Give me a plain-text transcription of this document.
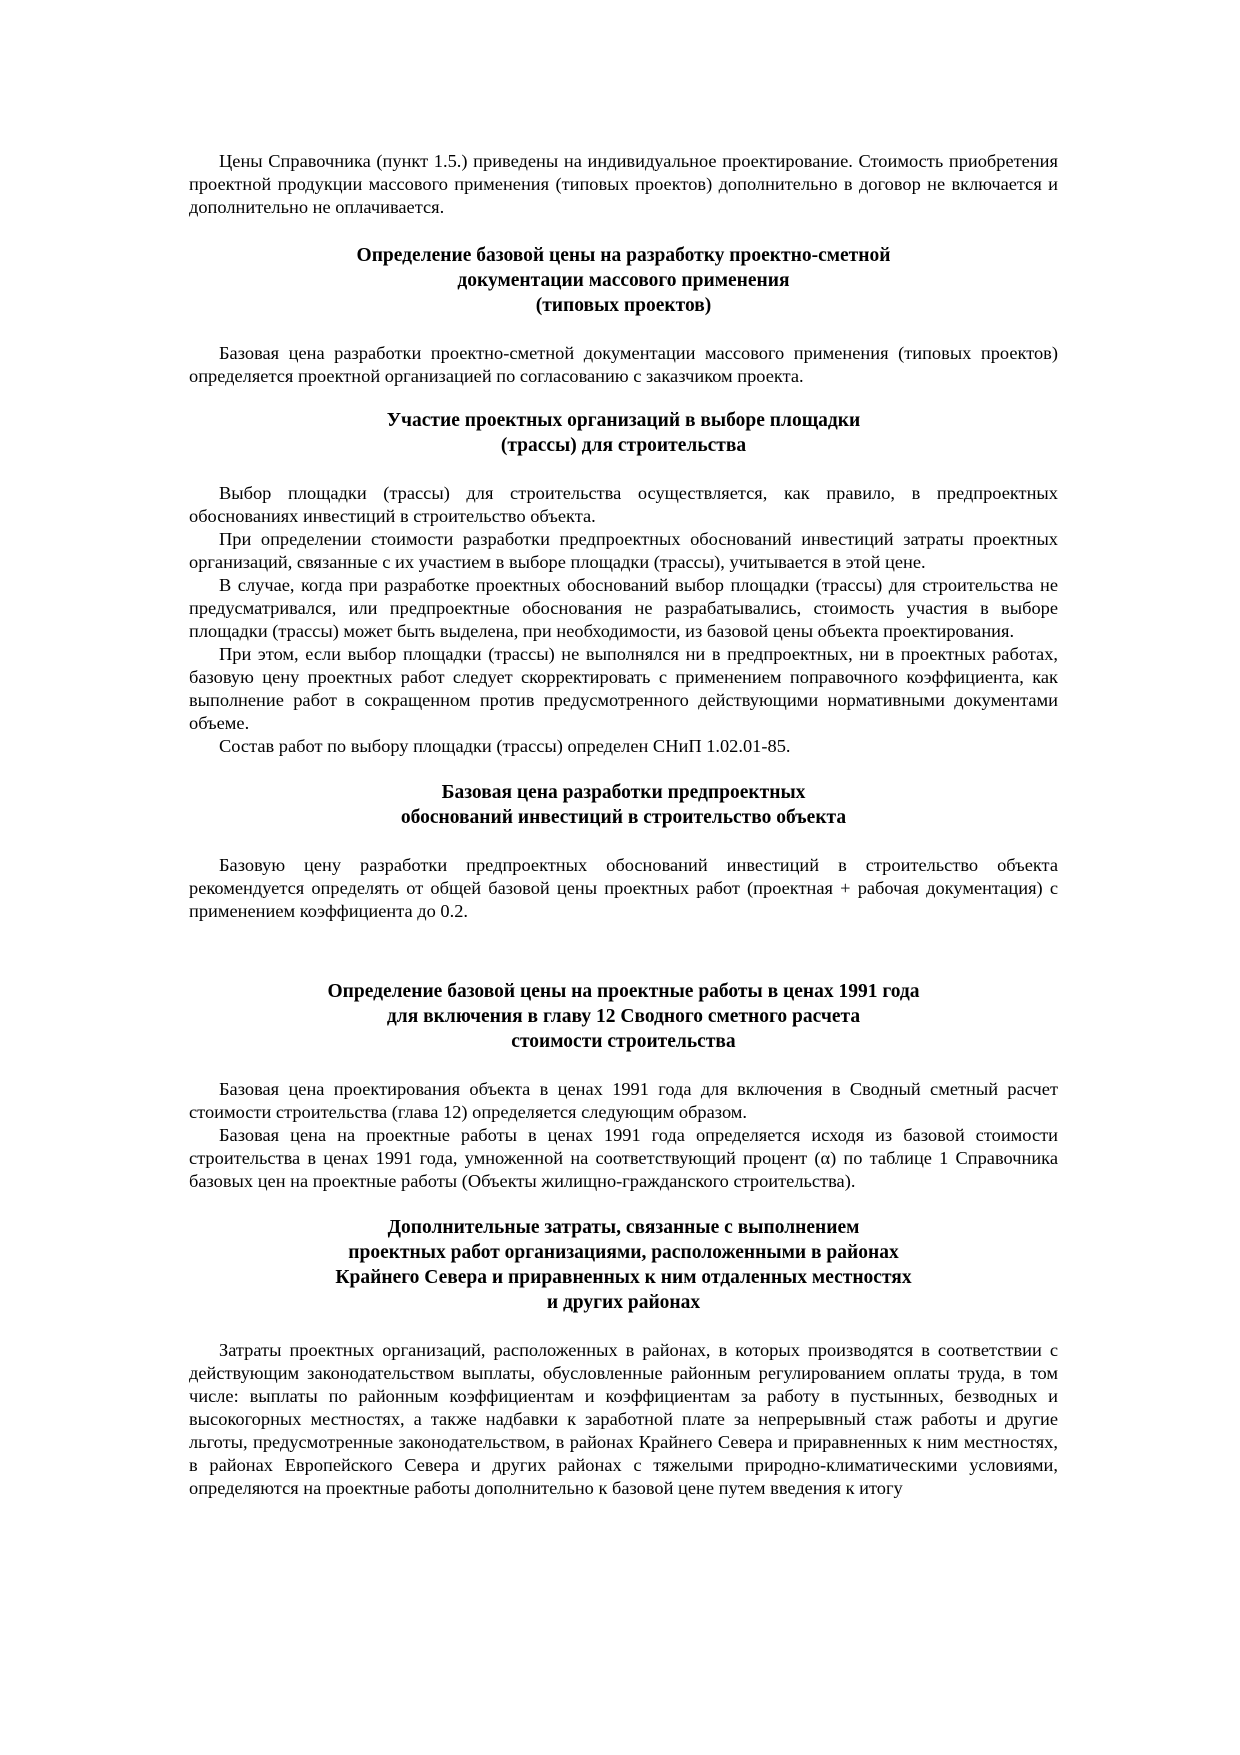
Цены Справочника (пункт 1.5.) приведены на индивидуальное проектирование. Стоимость приобретения проектной продукции массового применения (типовых проектов) дополнительно в договор не включается и дополнительно не оплачивается.

Определение базовой цены на разработку проектно-сметной
документации массового применения
(типовых проектов)

Базовая цена разработки проектно-сметной документации массового применения (типовых проектов) определяется проектной организацией по согласованию с заказчиком проекта.

Участие проектных организаций в выборе площадки
(трассы) для строительства

Выбор площадки (трассы) для строительства осуществляется, как правило, в предпроектных обоснованиях инвестиций в строительство объекта.

При определении стоимости разработки предпроектных обоснований инвестиций затраты проектных организаций, связанные с их участием в выборе площадки (трассы), учитывается в этой цене.

В случае, когда при разработке проектных обоснований выбор площадки (трассы) для строительства не предусматривался, или предпроектные обоснования не разрабатывались, стоимость участия в выборе площадки (трассы) может быть выделена, при необходимости, из базовой цены объекта проектирования.

При этом, если выбор площадки (трассы) не выполнялся ни в предпроектных, ни в проектных работах, базовую цену проектных работ следует скорректировать с применением поправочного коэффициента, как выполнение работ в сокращенном против предусмотренного действующими нормативными документами объеме.

Состав работ по выбору площадки (трассы) определен СНиП 1.02.01-85.

Базовая цена разработки предпроектных
обоснований инвестиций в строительство объекта

Базовую цену разработки предпроектных обоснований инвестиций в строительство объекта рекомендуется определять от общей базовой цены проектных работ (проектная + рабочая документация) с применением коэффициента до 0.2.

Определение базовой цены на проектные работы в ценах 1991 года
для включения в главу 12 Сводного сметного расчета
стоимости строительства

Базовая цена проектирования объекта в ценах 1991 года для включения в Сводный сметный расчет стоимости строительства (глава 12) определяется следующим образом.

Базовая цена на проектные работы в ценах 1991 года определяется исходя из базовой стоимости строительства в ценах 1991 года, умноженной на соответствующий процент (α) по таблице 1 Справочника базовых цен на проектные работы (Объекты жилищно-гражданского строительства).

Дополнительные затраты, связанные с выполнением
проектных работ организациями, расположенными в районах
Крайнего Севера и приравненных к ним отдаленных местностях
и других районах

Затраты проектных организаций, расположенных в районах, в которых производятся в соответствии с действующим законодательством выплаты, обусловленные районным регулированием оплаты труда, в том числе: выплаты по районным коэффициентам и коэффициентам за работу в пустынных, безводных и высокогорных местностях, а также надбавки к заработной плате за непрерывный стаж работы и другие льготы, предусмотренные законодательством, в районах Крайнего Севера и приравненных к ним местностях, в районах Европейского Севера и других районах с тяжелыми природно-климатическими условиями, определяются на проектные работы дополнительно к базовой цене путем введения к итогу
